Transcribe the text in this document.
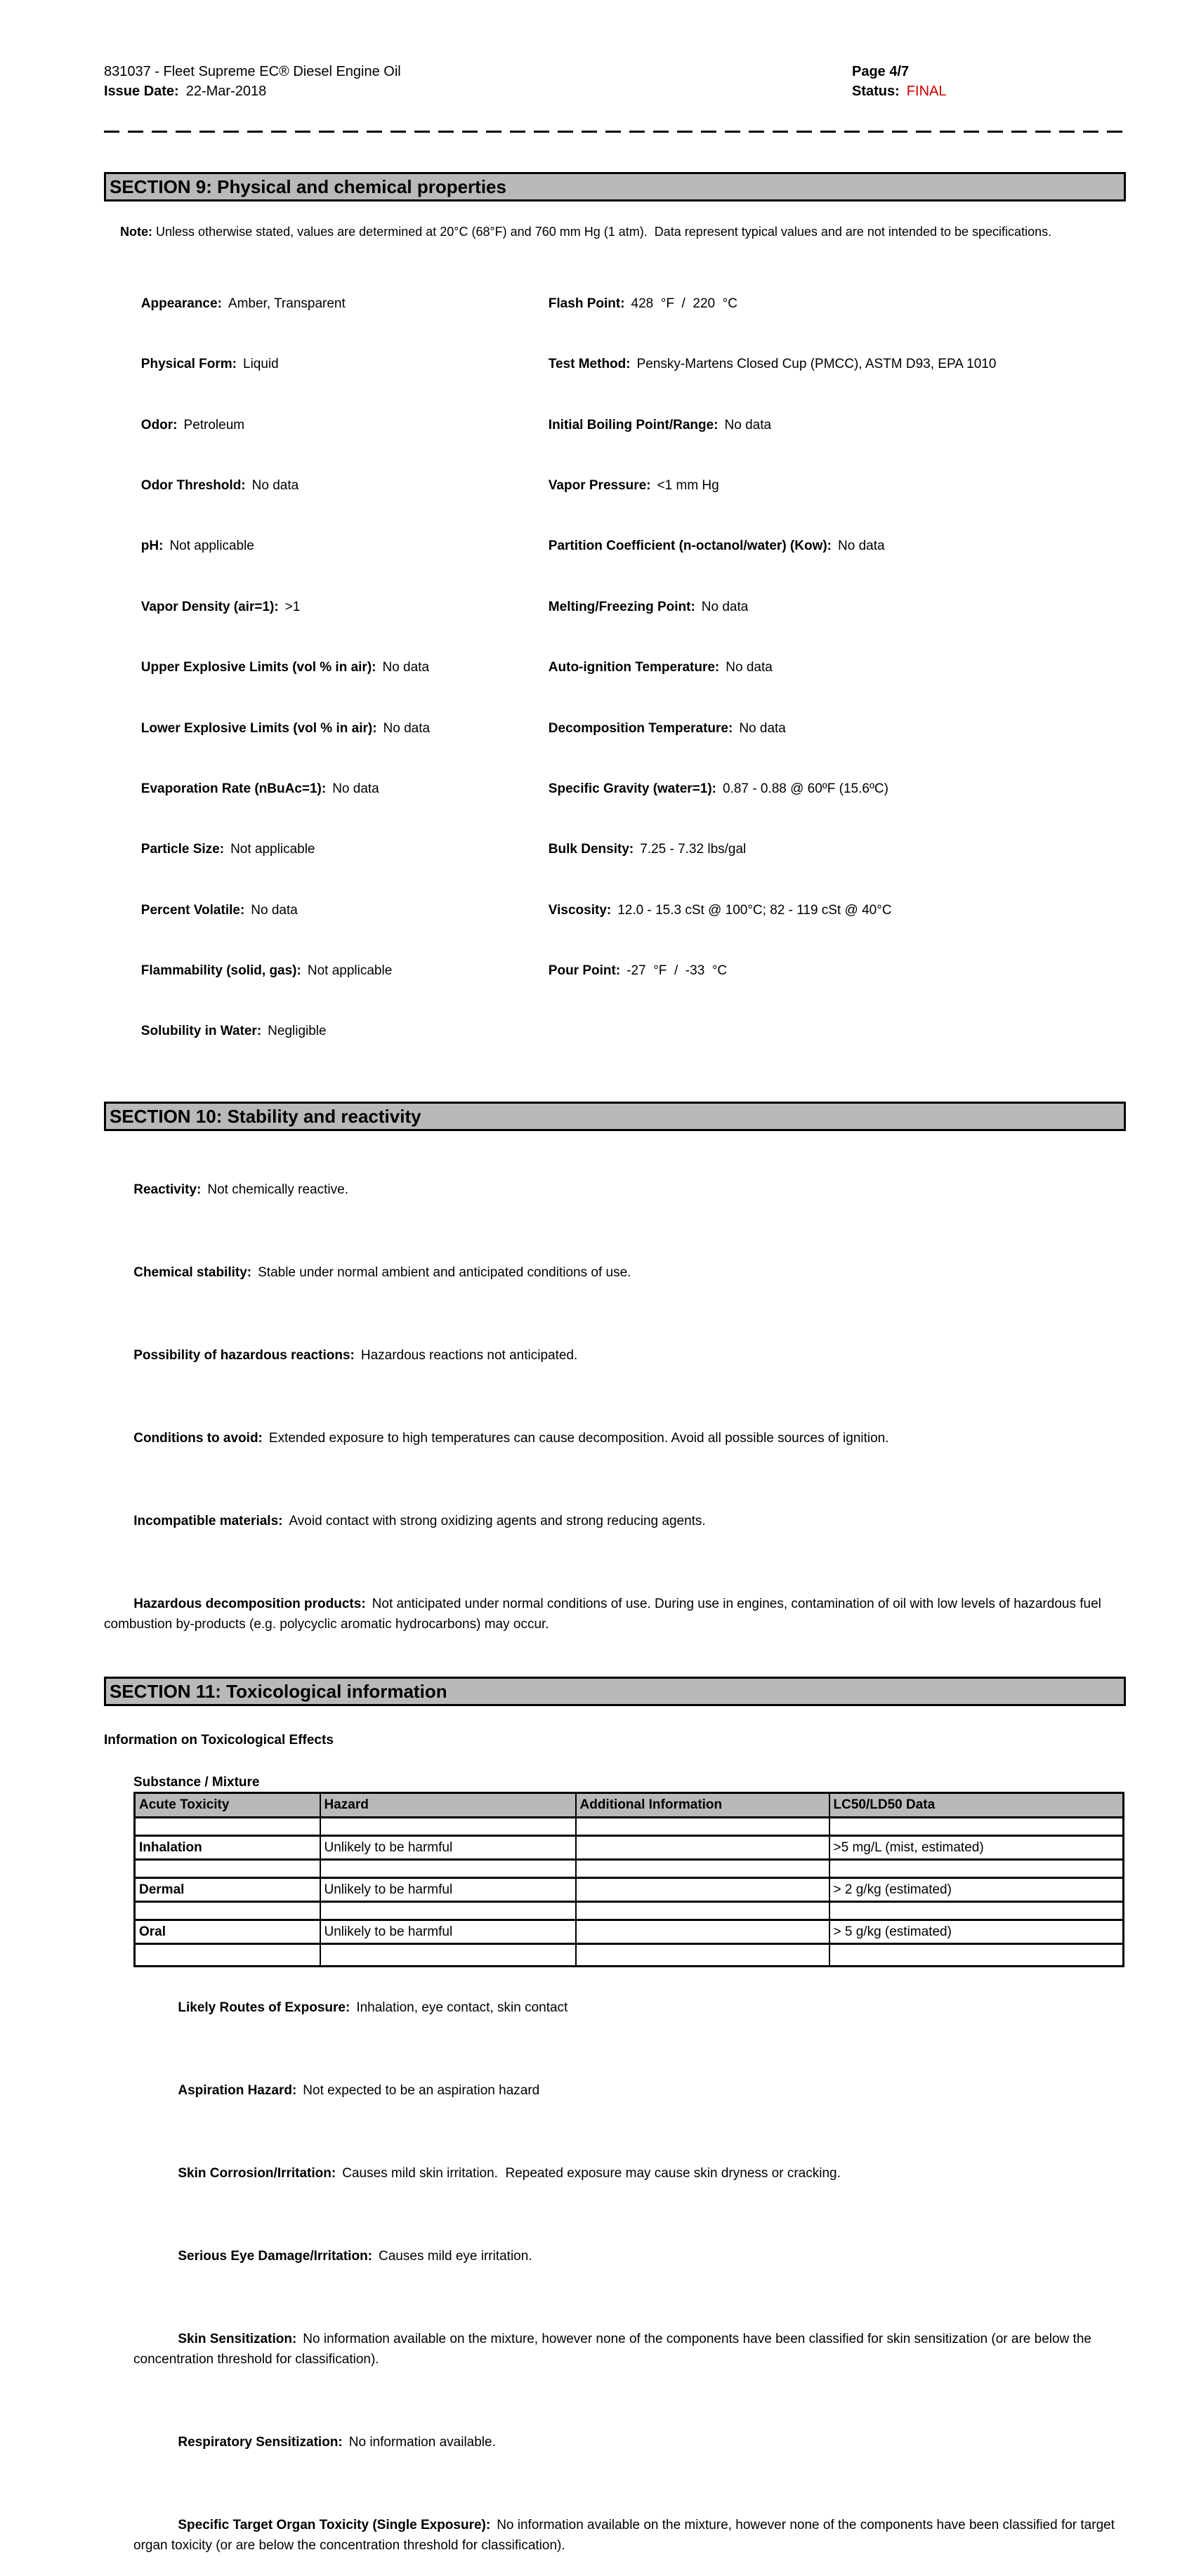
831037 - Fleet Supreme EC® Diesel Engine Oil
Issue Date: 22-Mar-2018
Page 4/7
Status: FINAL
SECTION 9: Physical and chemical properties

Note: Unless otherwise stated, values are determined at 20°C (68°F) and 760 mm Hg (1 atm).  Data represent typical values and are not intended to be specifications.

Appearance: Amber, Transparent

Physical Form: Liquid

Odor: Petroleum

Odor Threshold: No data

pH: Not applicable

Vapor Density (air=1): >1

Upper Explosive Limits (vol % in air): No data

Lower Explosive Limits (vol % in air): No data

Evaporation Rate (nBuAc=1): No data

Particle Size: Not applicable

Percent Volatile: No data

Flammability (solid, gas): Not applicable

Solubility in Water: Negligible

Flash Point: 428  °F  /  220  °C

Test Method: Pensky-Martens Closed Cup (PMCC), ASTM D93, EPA 1010

Initial Boiling Point/Range: No data

Vapor Pressure: <1 mm Hg

Partition Coefficient (n-octanol/water) (Kow): No data

Melting/Freezing Point: No data

Auto-ignition Temperature: No data

Decomposition Temperature: No data

Specific Gravity (water=1): 0.87 - 0.88 @ 60ºF (15.6ºC)

Bulk Density: 7.25 - 7.32 lbs/gal

Viscosity: 12.0 - 15.3 cSt @ 100°C; 82 - 119 cSt @ 40°C

Pour Point: -27  °F  /  -33  °C

SECTION 10: Stability and reactivity

Reactivity: Not chemically reactive.

Chemical stability: Stable under normal ambient and anticipated conditions of use.

Possibility of hazardous reactions: Hazardous reactions not anticipated.

Conditions to avoid: Extended exposure to high temperatures can cause decomposition. Avoid all possible sources of ignition.

Incompatible materials: Avoid contact with strong oxidizing agents and strong reducing agents.

Hazardous decomposition products: Not anticipated under normal conditions of use. During use in engines, contamination of oil with low levels of hazardous fuel combustion by-products (e.g. polycyclic aromatic hydrocarbons) may occur.

SECTION 11: Toxicological information
Information on Toxicological Effects
Substance / Mixture
Acute Toxicity	Hazard	Additional Information	LC50/LD50 Data

Inhalation	Unlikely to be harmful		>5 mg/L (mist, estimated)

Dermal	Unlikely to be harmful		> 2 g/kg (estimated)

Oral	Unlikely to be harmful		> 5 g/kg (estimated)

Likely Routes of Exposure: Inhalation, eye contact, skin contact

Aspiration Hazard: Not expected to be an aspiration hazard

Skin Corrosion/Irritation: Causes mild skin irritation.  Repeated exposure may cause skin dryness or cracking.

Serious Eye Damage/Irritation: Causes mild eye irritation.

Skin Sensitization: No information available on the mixture, however none of the components have been classified for skin sensitization (or are below the concentration threshold for classification).

Respiratory Sensitization: No information available.

Specific Target Organ Toxicity (Single Exposure): No information available on the mixture, however none of the components have been classified for target organ toxicity (or are below the concentration threshold for classification).
